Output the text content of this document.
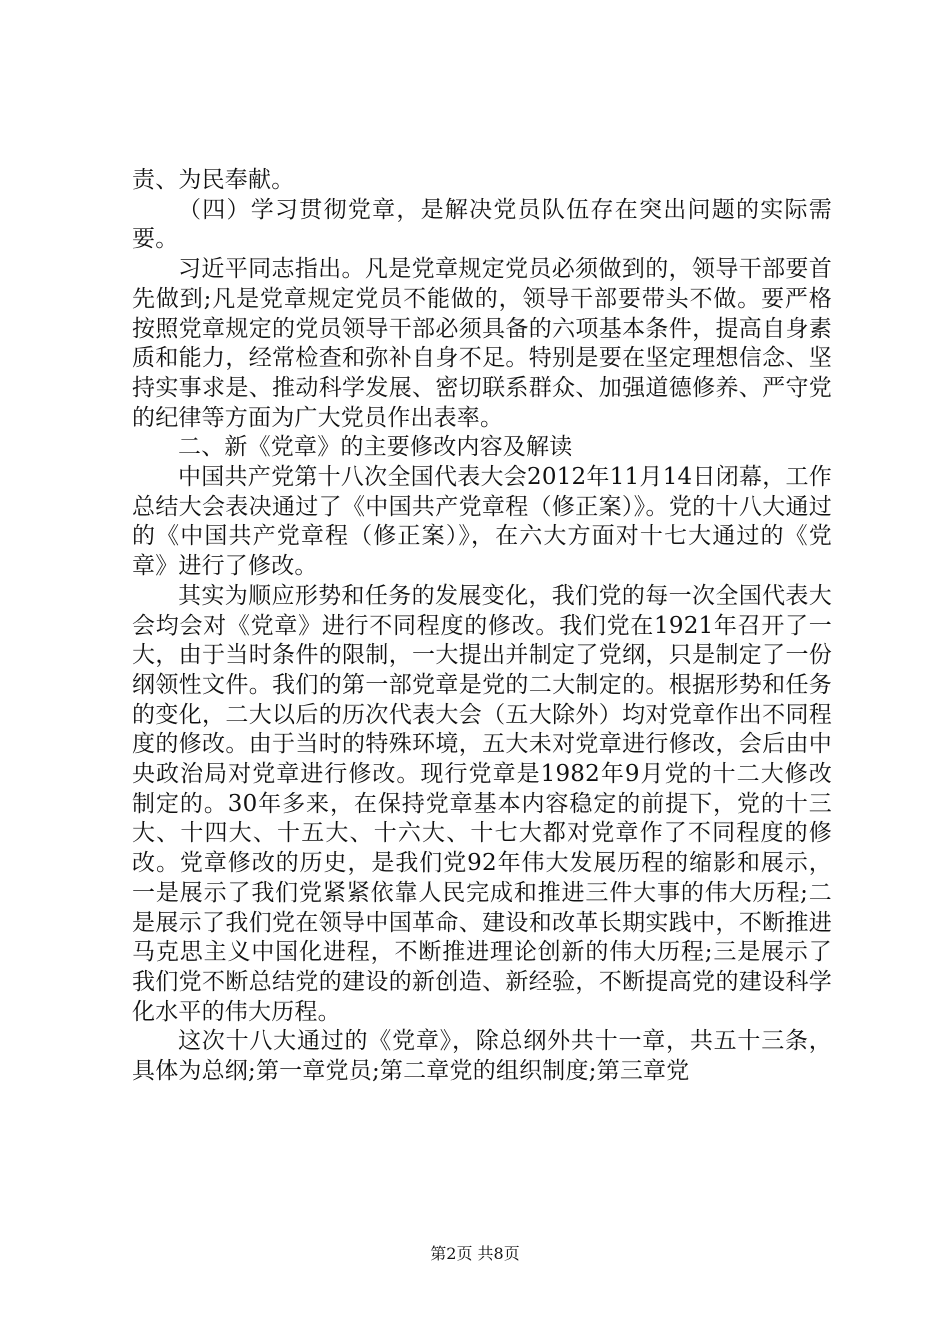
责、为民奉献。

（四）学习贯彻党章，是解决党员队伍存在突出问题的实际需要。

习近平同志指出。凡是党章规定党员必须做到的，领导干部要首先做到;凡是党章规定党员不能做的，领导干部要带头不做。要严格按照党章规定的党员领导干部必须具备的六项基本条件，提高自身素质和能力，经常检查和弥补自身不足。特别是要在坚定理想信念、坚持实事求是、推动科学发展、密切联系群众、加强道德修养、严守党的纪律等方面为广大党员作出表率。

二、新《党章》的主要修改内容及解读

中国共产党第十八次全国代表大会2012年11月14日闭幕，工作总结大会表决通过了《中国共产党章程（修正案）》。党的十八大通过的《中国共产党章程（修正案）》，在六大方面对十七大通过的《党章》进行了修改。

其实为顺应形势和任务的发展变化，我们党的每一次全国代表大会均会对《党章》进行不同程度的修改。我们党在1921年召开了一大，由于当时条件的限制，一大提出并制定了党纲，只是制定了一份纲领性文件。我们的第一部党章是党的二大制定的。根据形势和任务的变化，二大以后的历次代表大会（五大除外）均对党章作出不同程度的修改。由于当时的特殊环境，五大未对党章进行修改，会后由中央政治局对党章进行修改。现行党章是1982年9月党的十二大修改制定的。30年多来，在保持党章基本内容稳定的前提下，党的十三大、十四大、十五大、十六大、十七大都对党章作了不同程度的修改。党章修改的历史，是我们党92年伟大发展历程的缩影和展示，一是展示了我们党紧紧依靠人民完成和推进三件大事的伟大历程;二是展示了我们党在领导中国革命、建设和改革长期实践中，不断推进马克思主义中国化进程，不断推进理论创新的伟大历程;三是展示了我们党不断总结党的建设的新创造、新经验，不断提高党的建设科学化水平的伟大历程。

这次十八大通过的《党章》，除总纲外共十一章，共五十三条，具体为总纲;第一章党员;第二章党的组织制度;第三章党

第2页 共8页
